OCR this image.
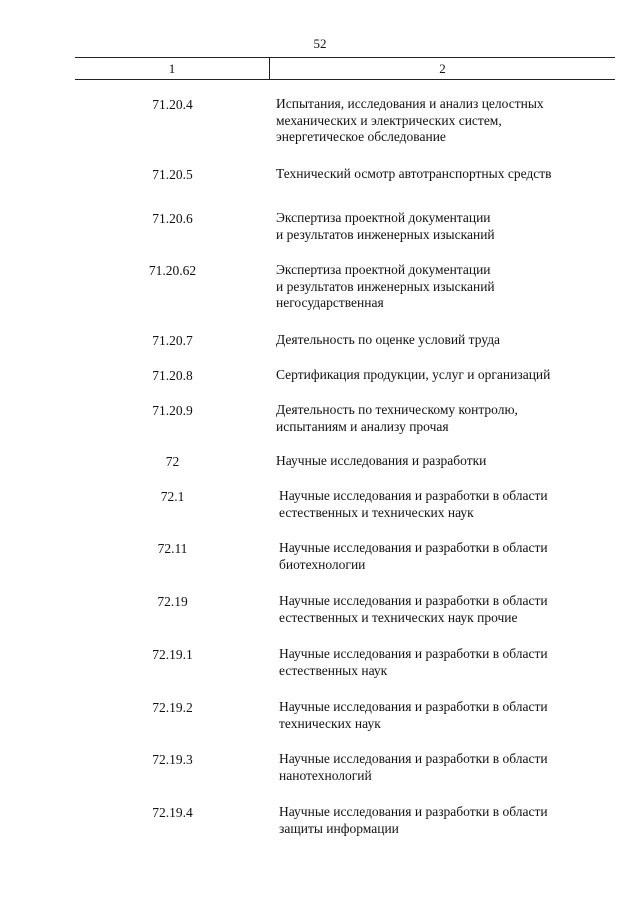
52
1	2
71.20.4	Испытания, исследования и анализ целостных
механических и электрических систем,
энергетическое обследование
71.20.5	Технический осмотр автотранспортных средств
71.20.6	Экспертиза проектной документации
и результатов инженерных изысканий
71.20.62	Экспертиза проектной документации
и результатов инженерных изысканий
негосударственная
71.20.7	Деятельность по оценке условий труда
71.20.8	Сертификация продукции, услуг и организаций
71.20.9	Деятельность по техническому контролю,
испытаниям и анализу прочая
72	Научные исследования и разработки
72.1	Научные исследования и разработки в области
естественных и технических наук
72.11	Научные исследования и разработки в области
биотехнологии
72.19	Научные исследования и разработки в области
естественных и технических наук прочие
72.19.1	Научные исследования и разработки в области
естественных наук
72.19.2	Научные исследования и разработки в области
технических наук
72.19.3	Научные исследования и разработки в области
нанотехнологий
72.19.4	Научные исследования и разработки в области
защиты информации
